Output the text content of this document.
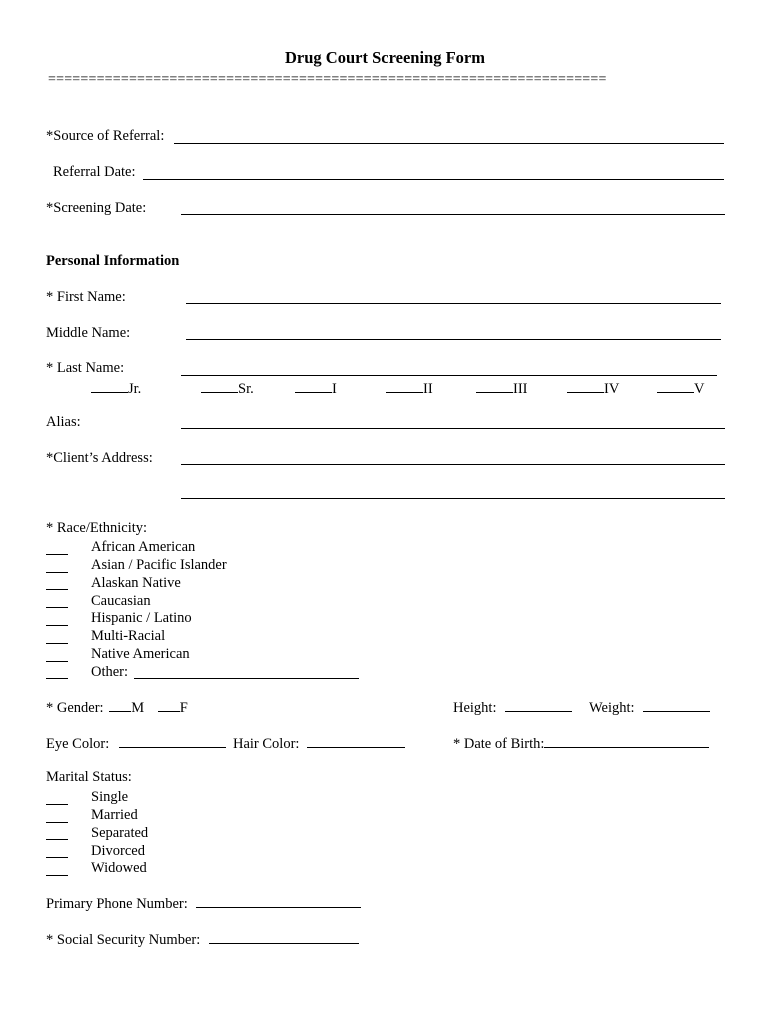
Drug Court Screening Form
=====================================================================
*Source of Referral:
Referral Date:
*Screening Date:
Personal Information
* First Name:
Middle Name:
* Last Name:
Jr.	Sr.	I	II	III	IV	V
Alias:
*Client’s Address:
* Race/Ethnicity:
African American
Asian / Pacific Islander
Alaskan Native
Caucasian
Hispanic / Latino
Multi-Racial
Native American
Other:
* Gender: M F	Height:	Weight:
Eye Color:	Hair Color:	* Date of Birth:
Marital Status:
Single
Married
Separated
Divorced
Widowed
Primary Phone Number:
* Social Security Number:
